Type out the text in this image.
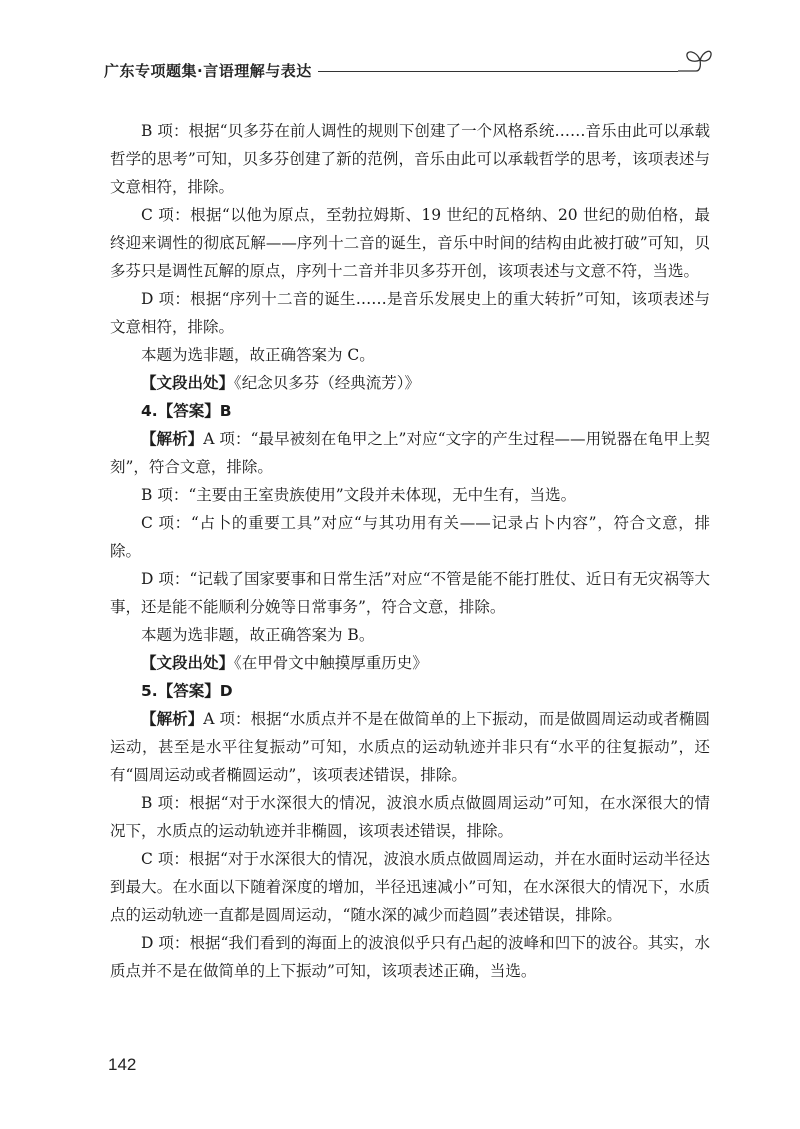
广东专项题集·言语理解与表达

B 项：根据“贝多芬在前人调性的规则下创建了一个风格系统……音乐由此可以承载哲学的思考”可知，贝多芬创建了新的范例，音乐由此可以承载哲学的思考，该项表述与文意相符，排除。

C 项：根据“以他为原点，至勃拉姆斯、19 世纪的瓦格纳、20 世纪的勋伯格，最终迎来调性的彻底瓦解——序列十二音的诞生，音乐中时间的结构由此被打破”可知，贝多芬只是调性瓦解的原点，序列十二音并非贝多芬开创，该项表述与文意不符，当选。

D 项：根据“序列十二音的诞生……是音乐发展史上的重大转折”可知，该项表述与文意相符，排除。

本题为选非题，故正确答案为 C。

【文段出处】《纪念贝多芬（经典流芳）》

4.【答案】B

【解析】A 项：“最早被刻在龟甲之上”对应“文字的产生过程——用锐器在龟甲上契刻”，符合文意，排除。

B 项：“主要由王室贵族使用”文段并未体现，无中生有，当选。

C 项：“占卜的重要工具”对应“与其功用有关——记录占卜内容”，符合文意，排除。

D 项：“记载了国家要事和日常生活”对应“不管是能不能打胜仗、近日有无灾祸等大事，还是能不能顺利分娩等日常事务”，符合文意，排除。

本题为选非题，故正确答案为 B。

【文段出处】《在甲骨文中触摸厚重历史》

5.【答案】D

【解析】A 项：根据“水质点并不是在做简单的上下振动，而是做圆周运动或者椭圆运动，甚至是水平往复振动”可知，水质点的运动轨迹并非只有“水平的往复振动”，还有“圆周运动或者椭圆运动”，该项表述错误，排除。

B 项：根据“对于水深很大的情况，波浪水质点做圆周运动”可知，在水深很大的情况下，水质点的运动轨迹并非椭圆，该项表述错误，排除。

C 项：根据“对于水深很大的情况，波浪水质点做圆周运动，并在水面时运动半径达到最大。在水面以下随着深度的增加，半径迅速减小”可知，在水深很大的情况下，水质点的运动轨迹一直都是圆周运动，“随水深的减少而趋圆”表述错误，排除。

D 项：根据“我们看到的海面上的波浪似乎只有凸起的波峰和凹下的波谷。其实，水质点并不是在做简单的上下振动”可知，该项表述正确，当选。

142
